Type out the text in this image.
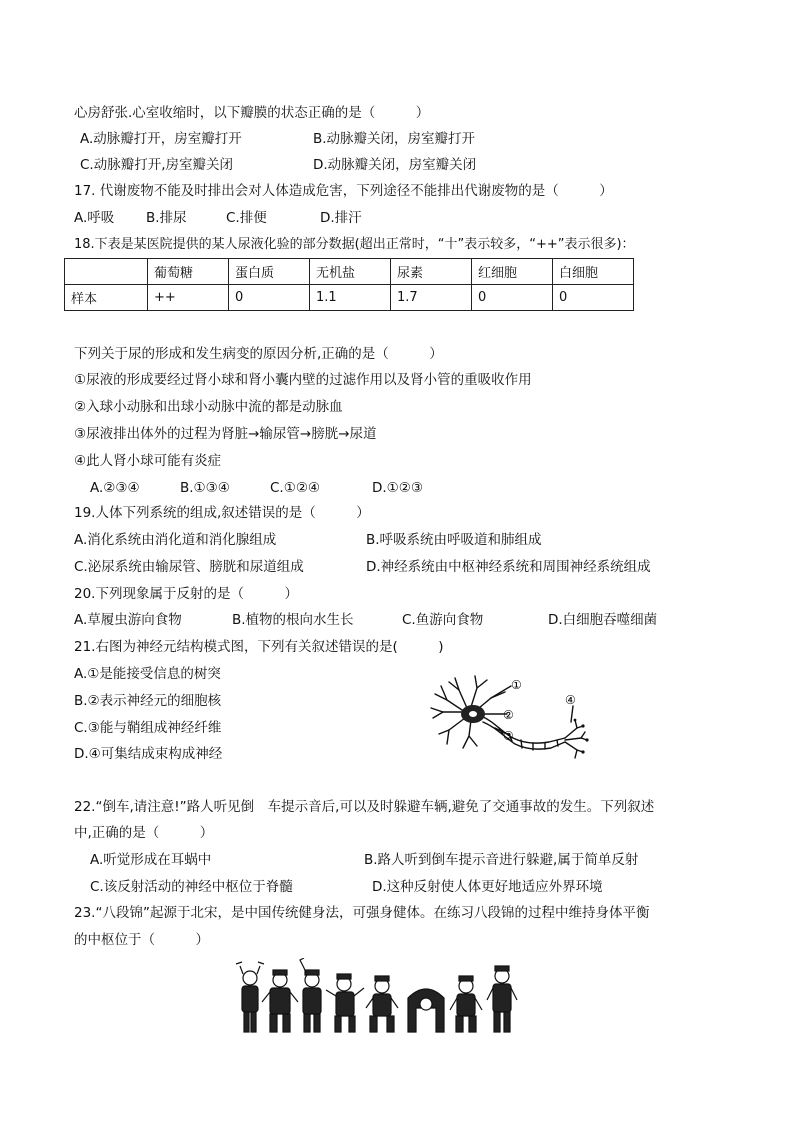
心房舒张.心室收缩时，以下瓣膜的状态正确的是（　　　）
A.动脉瓣打开，房室瓣打开	B.动脉瓣关闭，房室瓣打开
C.动脉瓣打开,房室瓣关闭	D.动脉瓣关闭，房室瓣关闭
17. 代谢废物不能及时排出会对人体造成危害，下列途径不能排出代谢废物的是（　　　）
A.呼吸 B.排尿	C.排便	D.排汗
18.下表是某医院提供的某人尿液化验的部分数据(超出正常时，“十”表示较多，“++”表示很多)：
	葡萄糖	蛋白质	无机盐	尿素	红细胞	白细胞
样本	++	0	1.1	1.7	0	0
下列关于尿的形成和发生病变的原因分析,正确的是（　　　）
①尿液的形成要经过肾小球和肾小囊内壁的过滤作用以及肾小管的重吸收作用
②入球小动脉和出球小动脉中流的都是动脉血
③尿液排出体外的过程为肾脏→输尿管→膀胱→尿道
④此人肾小球可能有炎症
A.②③④	B.①③④	C.①②④	D.①②③
19.人体下列系统的组成,叙述错误的是（　　　）
A.消化系统由消化道和消化腺组成	B.呼吸系统由呼吸道和肺组成
C.泌尿系统由输尿管、膀胱和尿道组成	D.神经系统由中枢神经系统和周围神经系统组成
20.下列现象属于反射的是（　　　）
A.草履虫游向食物	B.植物的根向水生长	C.鱼游向食物	D.白细胞吞噬细菌
21.右图为神经元结构模式图，下列有关叙述错误的是(　　　)
A.①是能接受信息的树突
B.②表示神经元的细胞核
C.③能与鞘组成神经纤维
D.④可集结成束构成神经
①
②
③
④
22.“倒车,请注意!”路人听见倒　车提示音后,可以及时躲避车辆,避免了交通事故的发生。下列叙述
中,正确的是（　　　）
A.听觉形成在耳蜗中	B.路人听到倒车提示音进行躲避,属于简单反射
C.该反射活动的神经中枢位于脊髓	D.这种反射使人体更好地适应外界环境
23.“八段锦”起源于北宋，是中国传统健身法，可强身健体。在练习八段锦的过程中维持身体平衡
的中枢位于（　　　）
